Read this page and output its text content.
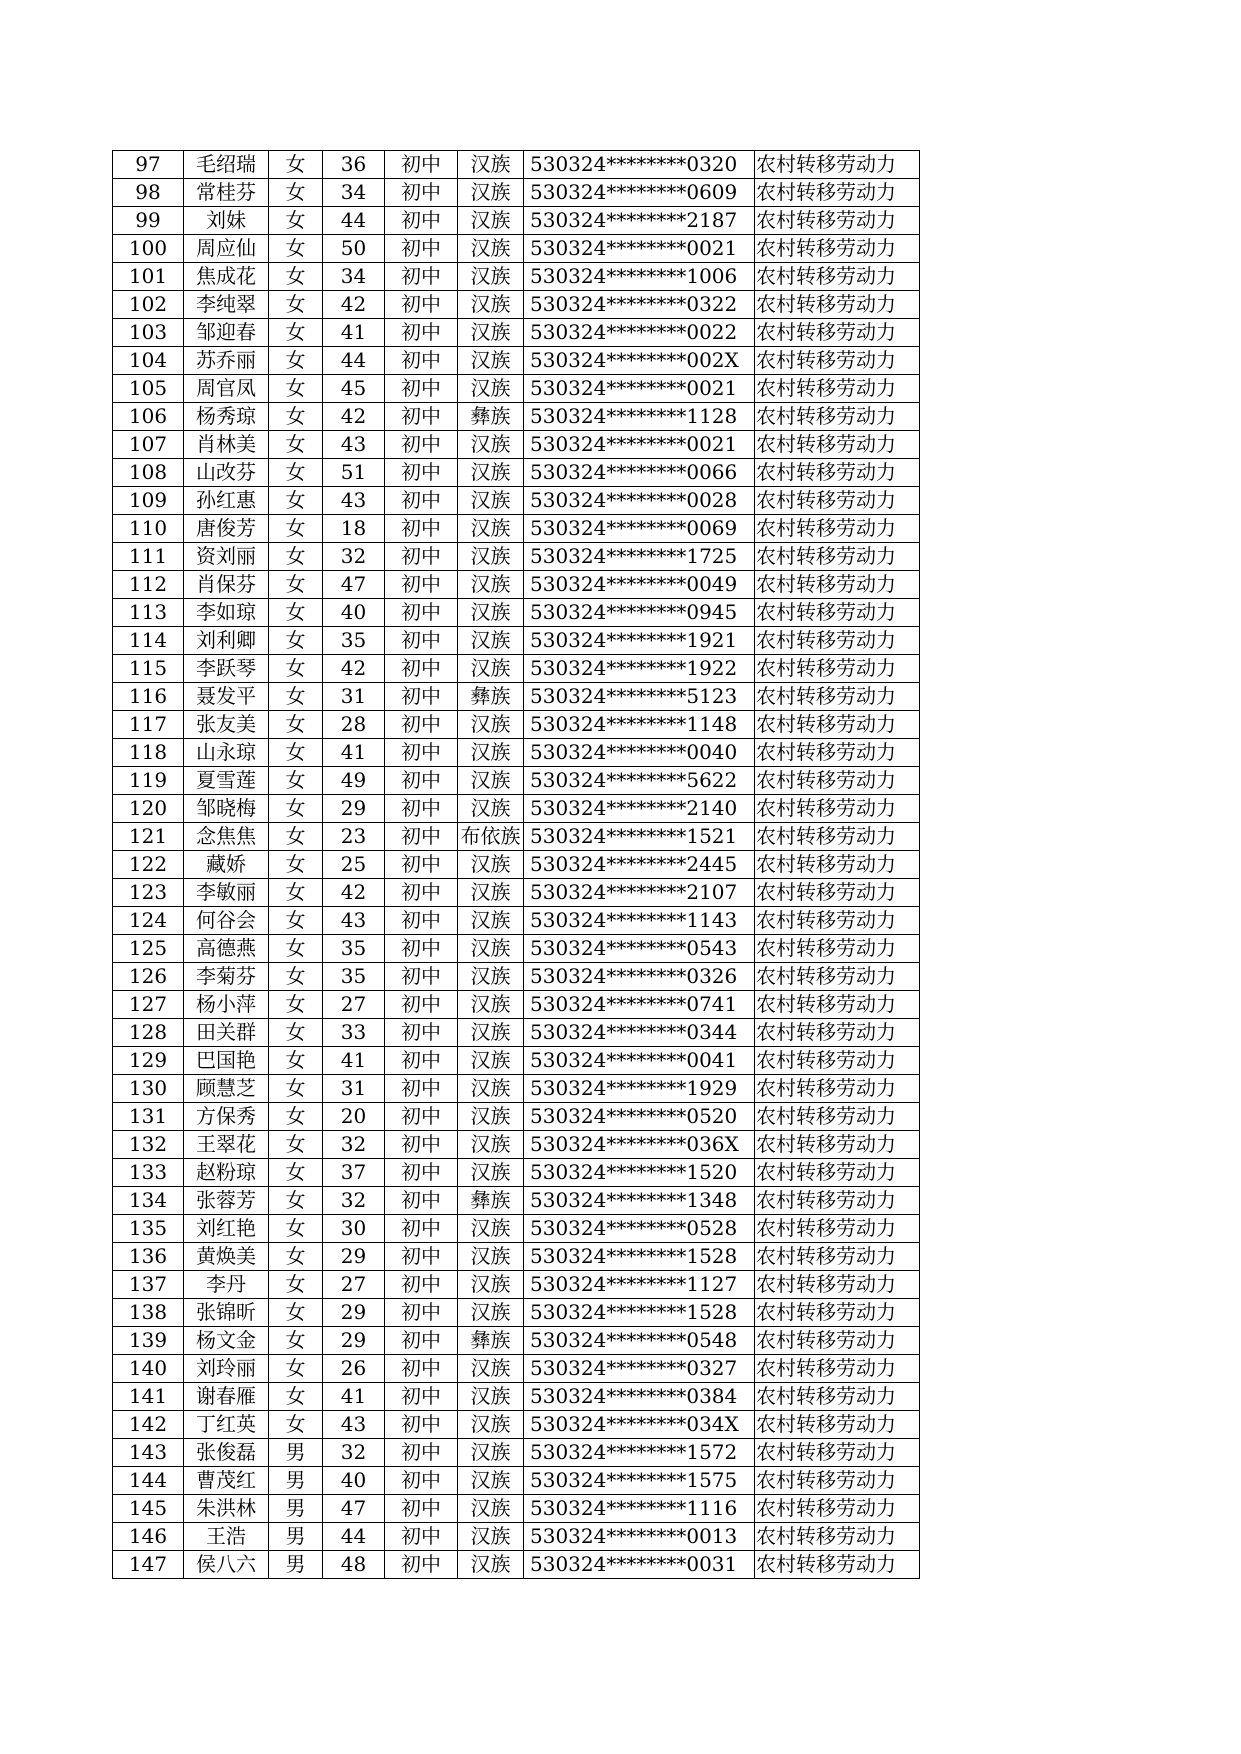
97	毛绍瑞	女	36	初中	汉族	530324********0320	农村转移劳动力
98	常桂芬	女	34	初中	汉族	530324********0609	农村转移劳动力
99	刘妹	女	44	初中	汉族	530324********2187	农村转移劳动力
100	周应仙	女	50	初中	汉族	530324********0021	农村转移劳动力
101	焦成花	女	34	初中	汉族	530324********1006	农村转移劳动力
102	李纯翠	女	42	初中	汉族	530324********0322	农村转移劳动力
103	邹迎春	女	41	初中	汉族	530324********0022	农村转移劳动力
104	苏乔丽	女	44	初中	汉族	530324********002X	农村转移劳动力
105	周官凤	女	45	初中	汉族	530324********0021	农村转移劳动力
106	杨秀琼	女	42	初中	彝族	530324********1128	农村转移劳动力
107	肖林美	女	43	初中	汉族	530324********0021	农村转移劳动力
108	山改芬	女	51	初中	汉族	530324********0066	农村转移劳动力
109	孙红惠	女	43	初中	汉族	530324********0028	农村转移劳动力
110	唐俊芳	女	18	初中	汉族	530324********0069	农村转移劳动力
111	资刘丽	女	32	初中	汉族	530324********1725	农村转移劳动力
112	肖保芬	女	47	初中	汉族	530324********0049	农村转移劳动力
113	李如琼	女	40	初中	汉族	530324********0945	农村转移劳动力
114	刘利卿	女	35	初中	汉族	530324********1921	农村转移劳动力
115	李跃琴	女	42	初中	汉族	530324********1922	农村转移劳动力
116	聂发平	女	31	初中	彝族	530324********5123	农村转移劳动力
117	张友美	女	28	初中	汉族	530324********1148	农村转移劳动力
118	山永琼	女	41	初中	汉族	530324********0040	农村转移劳动力
119	夏雪莲	女	49	初中	汉族	530324********5622	农村转移劳动力
120	邹晓梅	女	29	初中	汉族	530324********2140	农村转移劳动力
121	念焦焦	女	23	初中	布依族	530324********1521	农村转移劳动力
122	藏娇	女	25	初中	汉族	530324********2445	农村转移劳动力
123	李敏丽	女	42	初中	汉族	530324********2107	农村转移劳动力
124	何谷会	女	43	初中	汉族	530324********1143	农村转移劳动力
125	高德燕	女	35	初中	汉族	530324********0543	农村转移劳动力
126	李菊芬	女	35	初中	汉族	530324********0326	农村转移劳动力
127	杨小萍	女	27	初中	汉族	530324********0741	农村转移劳动力
128	田关群	女	33	初中	汉族	530324********0344	农村转移劳动力
129	巴国艳	女	41	初中	汉族	530324********0041	农村转移劳动力
130	顾慧芝	女	31	初中	汉族	530324********1929	农村转移劳动力
131	方保秀	女	20	初中	汉族	530324********0520	农村转移劳动力
132	王翠花	女	32	初中	汉族	530324********036X	农村转移劳动力
133	赵粉琼	女	37	初中	汉族	530324********1520	农村转移劳动力
134	张蓉芳	女	32	初中	彝族	530324********1348	农村转移劳动力
135	刘红艳	女	30	初中	汉族	530324********0528	农村转移劳动力
136	黄焕美	女	29	初中	汉族	530324********1528	农村转移劳动力
137	李丹	女	27	初中	汉族	530324********1127	农村转移劳动力
138	张锦昕	女	29	初中	汉族	530324********1528	农村转移劳动力
139	杨文金	女	29	初中	彝族	530324********0548	农村转移劳动力
140	刘玲丽	女	26	初中	汉族	530324********0327	农村转移劳动力
141	谢春雁	女	41	初中	汉族	530324********0384	农村转移劳动力
142	丁红英	女	43	初中	汉族	530324********034X	农村转移劳动力
143	张俊磊	男	32	初中	汉族	530324********1572	农村转移劳动力
144	曹茂红	男	40	初中	汉族	530324********1575	农村转移劳动力
145	朱洪林	男	47	初中	汉族	530324********1116	农村转移劳动力
146	王浩	男	44	初中	汉族	530324********0013	农村转移劳动力
147	侯八六	男	48	初中	汉族	530324********0031	农村转移劳动力
